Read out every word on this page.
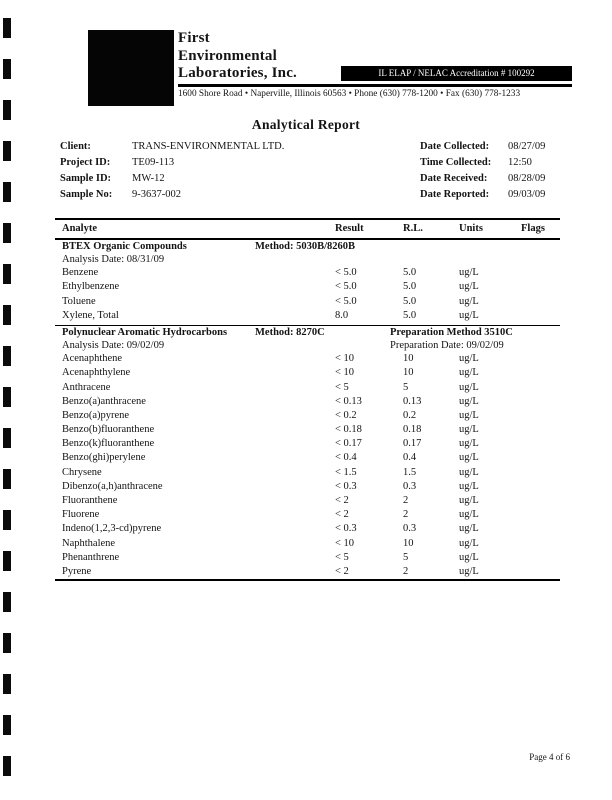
First
Environmental
Laboratories, Inc.	IL ELAP / NELAC Accreditation # 100292
1600 Shore Road • Naperville, Illinois 60563 • Phone (630) 778-1200 • Fax (630) 778-1233
Analytical Report
Client:	TRANS-ENVIRONMENTAL LTD.
Project ID:	TE09-113
Sample ID:	MW-12
Sample No:	9-3637-002
Date Collected:	08/27/09
Time Collected:	12:50
Date Received:	08/28/09
Date Reported:	09/03/09
Analyte	Result	R.L.	Units	Flags
BTEX Organic Compounds	Method: 5030B/8260B
Analysis Date: 08/31/09
Benzene	< 5.0	5.0	ug/L
Ethylbenzene	< 5.0	5.0	ug/L
Toluene	< 5.0	5.0	ug/L
Xylene, Total	8.0	5.0	ug/L
Polynuclear Aromatic Hydrocarbons	Method: 8270C	Preparation Method 3510C
Analysis Date: 09/02/09	Preparation Date: 09/02/09
Acenaphthene	< 10	10	ug/L
Acenaphthylene	< 10	10	ug/L
Anthracene	< 5	5	ug/L
Benzo(a)anthracene	< 0.13	0.13	ug/L
Benzo(a)pyrene	< 0.2	0.2	ug/L
Benzo(b)fluoranthene	< 0.18	0.18	ug/L
Benzo(k)fluoranthene	< 0.17	0.17	ug/L
Benzo(ghi)perylene	< 0.4	0.4	ug/L
Chrysene	< 1.5	1.5	ug/L
Dibenzo(a,h)anthracene	< 0.3	0.3	ug/L
Fluoranthene	< 2	2	ug/L
Fluorene	< 2	2	ug/L
Indeno(1,2,3-cd)pyrene	< 0.3	0.3	ug/L
Naphthalene	< 10	10	ug/L
Phenanthrene	< 5	5	ug/L
Pyrene	< 2	2	ug/L
Page 4 of 6
